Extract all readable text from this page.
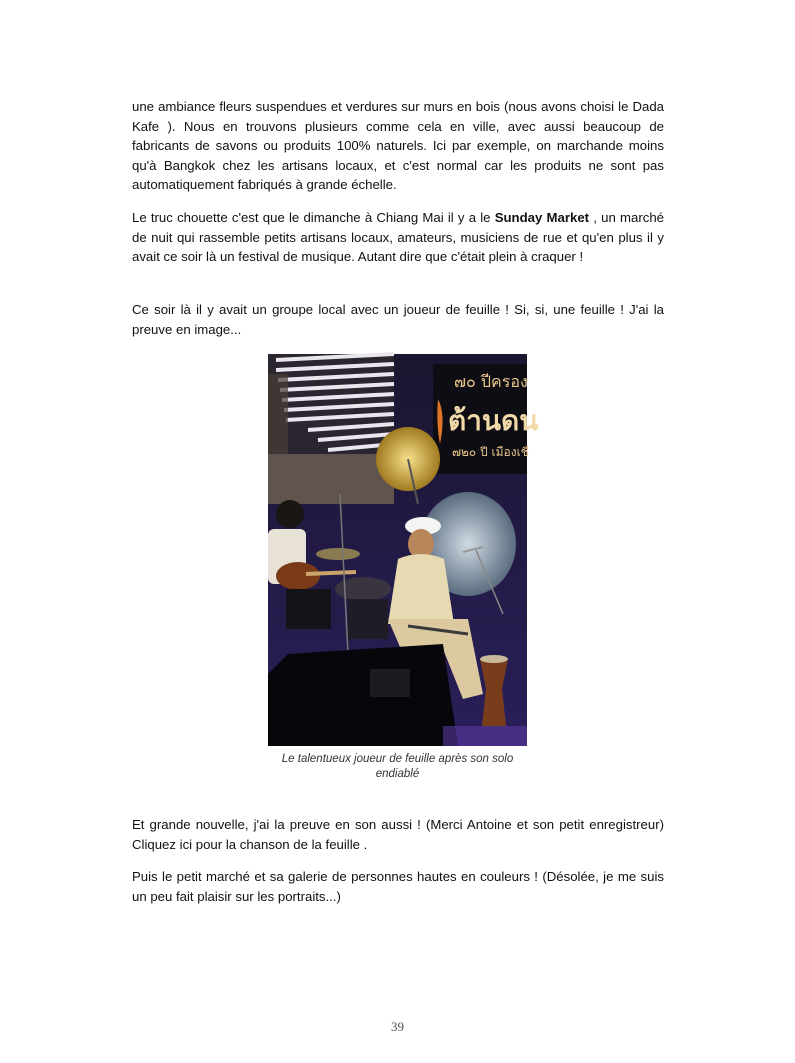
une ambiance fleurs suspendues et verdures sur murs en bois (nous avons choisi le Dada Kafe ). Nous en trouvons plusieurs comme cela en ville, avec aussi beaucoup de fabricants de savons ou produits 100% naturels. Ici par exemple, on marchande moins qu'à Bangkok chez les artisans locaux, et c'est normal car les produits ne sont pas automatiquement fabriqués à grande échelle.

Le truc chouette c'est que le dimanche à Chiang Mai il y a le Sunday Market , un marché de nuit qui rassemble petits artisans locaux, amateurs, musiciens de rue et qu'en plus il y avait ce soir là un festival de musique. Autant dire que c'était plein à craquer !

Ce soir là il y avait un groupe local avec un joueur de feuille ! Si, si, une feuille ! J'ai la preuve en image...

๗๐ ปีครอง
ต้านดน
๗๒๐ ปี เมืองเชี
Le talentueux joueur de feuille après son solo endiablé

Et grande nouvelle, j'ai la preuve en son aussi ! (Merci Antoine et son petit enregistreur) Cliquez ici pour la chanson de la feuille .

Puis le petit marché et sa galerie de personnes hautes en couleurs ! (Désolée, je me suis un peu fait plaisir sur les portraits...)

39
